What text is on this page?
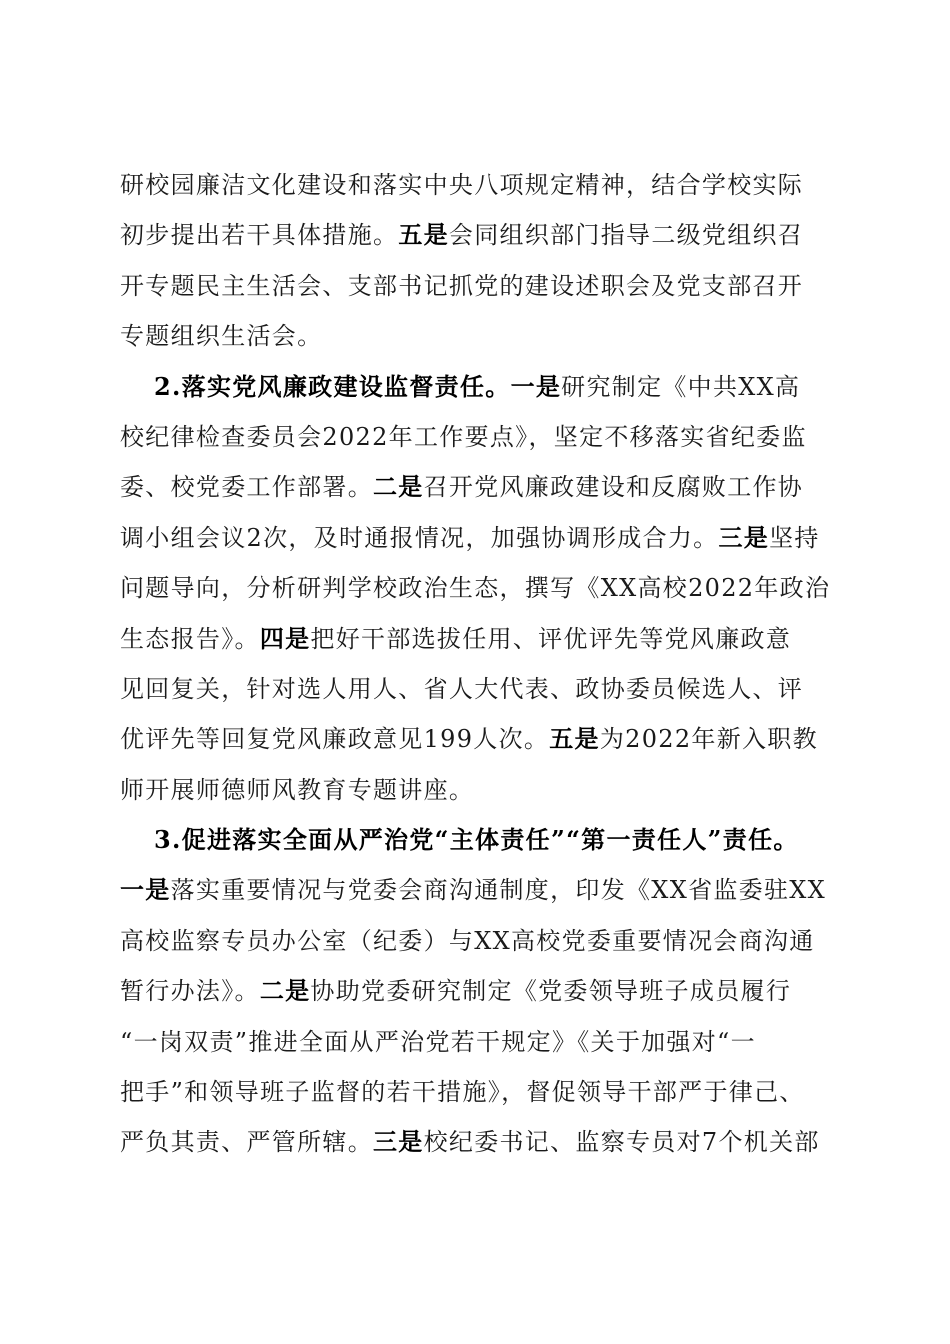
研校园廉洁文化建设和落实中央八项规定精神，结合学校实际
初步提出若干具体措施。五是会同组织部门指导二级党组织召
开专题民主生活会、支部书记抓党的建设述职会及党支部召开
专题组织生活会。
2.落实党风廉政建设监督责任。一是研究制定《中共XX高
校纪律检查委员会2022年工作要点》，坚定不移落实省纪委监
委、校党委工作部署。二是召开党风廉政建设和反腐败工作协
调小组会议2次，及时通报情况，加强协调形成合力。三是坚持
问题导向，分析研判学校政治生态，撰写《XX高校2022年政治
生态报告》。四是把好干部选拔任用、评优评先等党风廉政意
见回复关，针对选人用人、省人大代表、政协委员候选人、评
优评先等回复党风廉政意见199人次。五是为2022年新入职教
师开展师德师风教育专题讲座。
3.促进落实全面从严治党“主体责任”“第一责任人”责任。
一是落实重要情况与党委会商沟通制度，印发《XX省监委驻XX
高校监察专员办公室（纪委）与XX高校党委重要情况会商沟通
暂行办法》。二是协助党委研究制定《党委领导班子成员履行
“一岗双责”推进全面从严治党若干规定》《关于加强对“一
把手”和领导班子监督的若干措施》，督促领导干部严于律己、
严负其责、严管所辖。三是校纪委书记、监察专员对7个机关部
